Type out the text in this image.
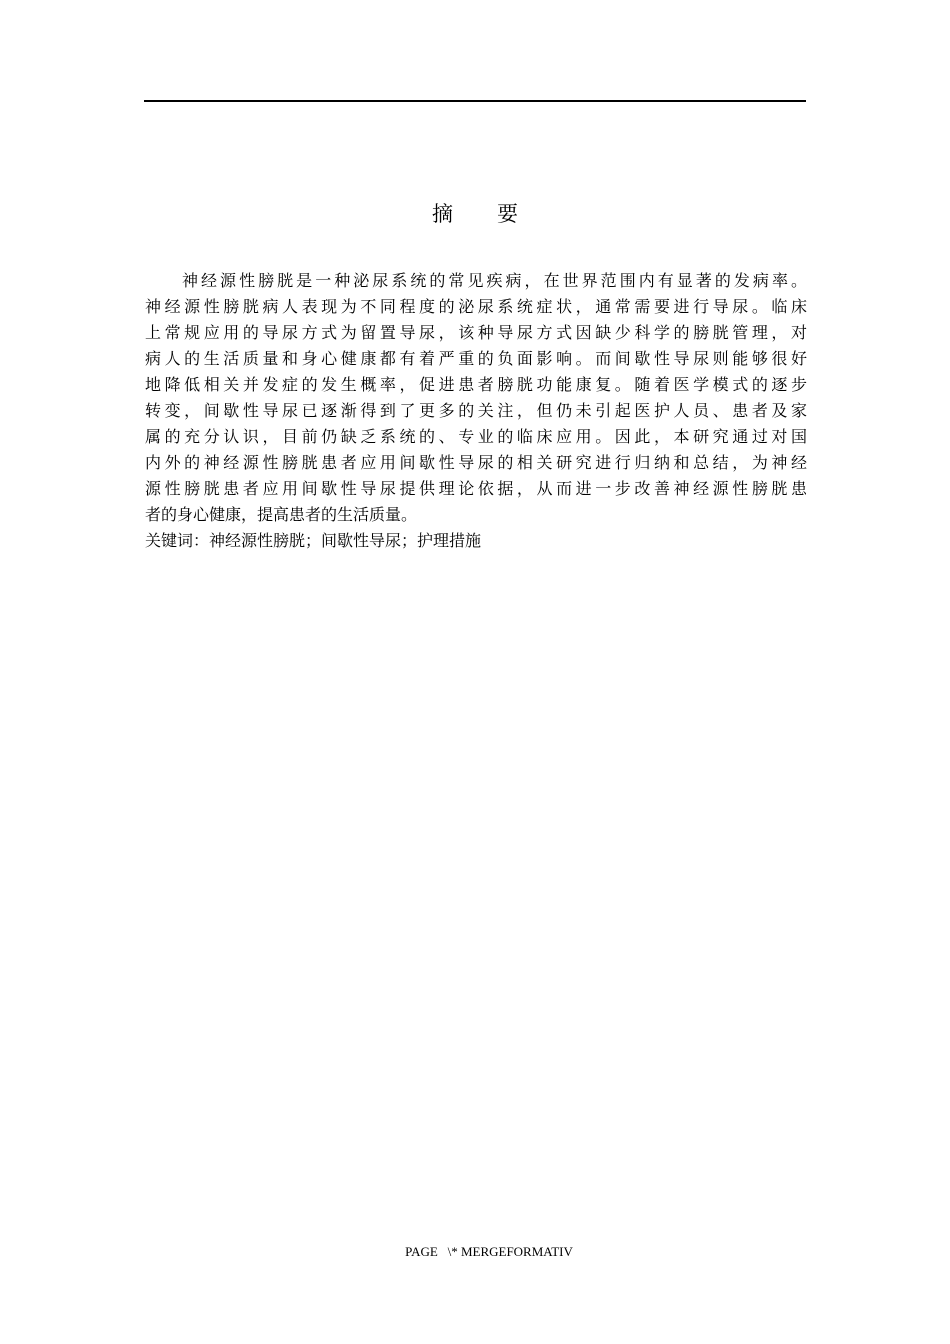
摘要
神经源性膀胱是一种泌尿系统的常见疾病，在世界范围内有显著的发病率。
神经源性膀胱病人表现为不同程度的泌尿系统症状，通常需要进行导尿。临床
上常规应用的导尿方式为留置导尿，该种导尿方式因缺少科学的膀胱管理，对
病人的生活质量和身心健康都有着严重的负面影响。而间歇性导尿则能够很好
地降低相关并发症的发生概率，促进患者膀胱功能康复。随着医学模式的逐步
转变，间歇性导尿已逐渐得到了更多的关注，但仍未引起医护人员、患者及家
属的充分认识，目前仍缺乏系统的、专业的临床应用。因此，本研究通过对国
内外的神经源性膀胱患者应用间歇性导尿的相关研究进行归纳和总结，为神经
源性膀胱患者应用间歇性导尿提供理论依据，从而进一步改善神经源性膀胱患
者的身心健康，提高患者的生活质量。
关键词：神经源性膀胱；间歇性导尿；护理措施
PAGE   \* MERGEFORMATIV
